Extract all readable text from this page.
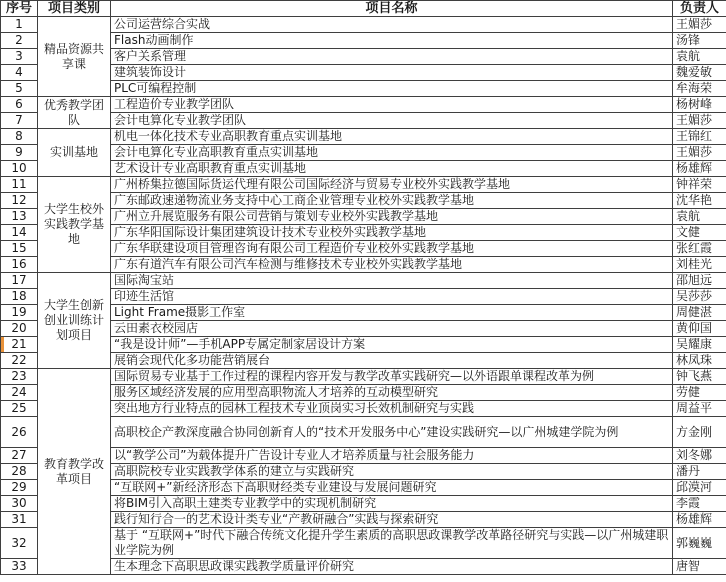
序号	项目类别	项目名称	负责人
1	精品资源共享课	公司运营综合实战	王媚莎
2		Flash动画制作	汤锋
3		客户关系管理	袁航
4		建筑装饰设计	魏爱敏
5		PLC可编程控制	牟海荣
6	优秀教学团队	工程造价专业教学团队	杨树峰
7		会计电算化专业教学团队	王媚莎
8	实训基地	机电一体化技术专业高职教育重点实训基地	王锦红
9		会计电算化专业高职教育重点实训基地	王媚莎
10		艺术设计专业高职教育重点实训基地	杨雄辉
11	大学生校外实践教学基地	广州桥集拉德国际货运代理有限公司国际经济与贸易专业校外实践教学基地	钟祥荣
12		广东邮政速递物流业务支持中心工商企业管理专业校外实践教学基地	沈华艳
13		广州立升展览服务有限公司营销与策划专业校外实践教学基地	袁航
14		广东华阳国际设计集团建筑设计技术专业校外实践教学基地	文健
15		广东华联建设项目管理咨询有限公司工程造价专业校外实践教学基地	张红霞
16		广东有道汽车有限公司汽车检测与维修技术专业校外实践教学基地	刘桂光
17	大学生创新创业训练计划项目	国际淘宝站	邵旭远
18		印迹生活馆	吴莎莎
19		Light Frame摄影工作室	周健湛
20		云田素衣校园店	黄仰国
21		“我是设计师”—手机APP专属定制家居设计方案	吴耀康
22		展销会现代化多功能营销展台	林凤珠
23	教育教学改革项目	国际贸易专业基于工作过程的课程内容开发与教学改革实践研究—以外语跟单课程改革为例	钟飞燕
24		服务区域经济发展的应用型高职物流人才培养的互动模型研究	劳健
25		突出地方行业特点的园林工程技术专业顶岗实习长效机制研究与实践	周益平
26		高职校企产教深度融合协同创新育人的“技术开发服务中心”建设实践研究—以广州城建学院为例	方金刚
27		以“教学公司”为载体提升广告设计专业人才培养质量与社会服务能力	刘冬娜
28		高职院校专业实践教学体系的建立与实践研究	潘丹
29		“互联网+”新经济形态下高职财经类专业建设与发展问题研究	邱漠河
30		将BIM引入高职土建类专业教学中的实现机制研究	李霞
31		践行知行合一的艺术设计类专业“产教研融合”实践与探索研究	杨雄辉
32		基于 “互联网+”时代下融合传统文化提升学生素质的高职思政课教学改革路径研究与实践—以广州城建职业学院为例	郭巍巍
33		生本理念下高职思政课实践教学质量评价研究	唐智
